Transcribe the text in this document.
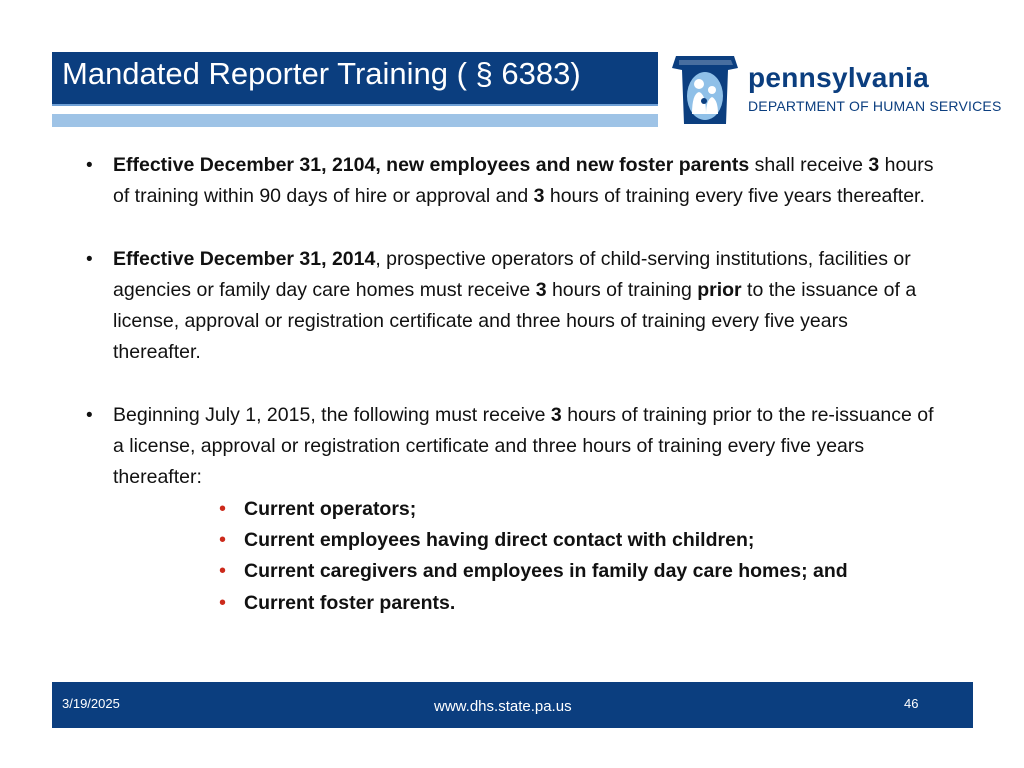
Mandated Reporter Training ( § 6383)	pennsylvania
DEPARTMENT OF HUMAN SERVICES
• Effective December 31, 2104, new employees and new foster parents shall receive 3 hours of training within 90 days of hire or approval and 3 hours of training every five years thereafter.
• Effective December 31, 2014, prospective operators of child-serving institutions, facilities or agencies or family day care homes must receive 3 hours of training prior to the issuance of a license, approval or registration certificate and three hours of training every five years thereafter.
• Beginning July 1, 2015, the following must receive 3 hours of training prior to the re-issuance of a license, approval or registration certificate and three hours of training every five years thereafter:
• Current operators;
• Current employees having direct contact with children;
• Current caregivers and employees in family day care homes; and
• Current foster parents.
3/19/2025	www.dhs.state.pa.us	46
